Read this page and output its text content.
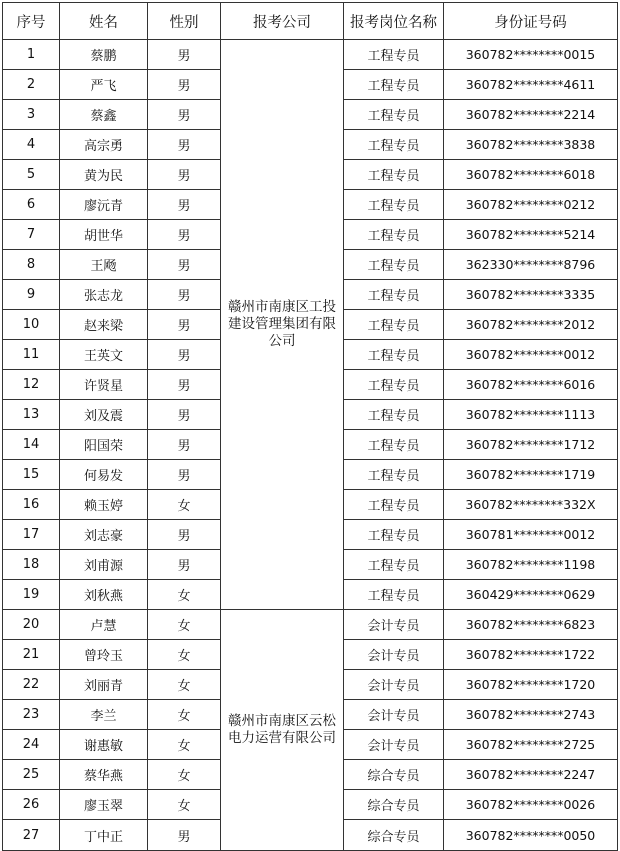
序号	姓名	性别	报考公司	报考岗位名称	身份证号码
1	蔡鹏	男	赣州市南康区工投建设管理集团有限公司	工程专员	360782********0015
2	严飞	男		工程专员	360782********4611
3	蔡鑫	男		工程专员	360782********2214
4	高宗勇	男		工程专员	360782********3838
5	黄为民	男		工程专员	360782********6018
6	廖沅青	男		工程专员	360782********0212
7	胡世华	男		工程专员	360782********5214
8	王飏	男		工程专员	362330********8796
9	张志龙	男		工程专员	360782********3335
10	赵来梁	男		工程专员	360782********2012
11	王英文	男		工程专员	360782********0012
12	许贤星	男		工程专员	360782********6016
13	刘及震	男		工程专员	360782********1113
14	阳国荣	男		工程专员	360782********1712
15	何易发	男		工程专员	360782********1719
16	赖玉婷	女		工程专员	360782********332X
17	刘志豪	男		工程专员	360781********0012
18	刘甫源	男		工程专员	360782********1198
19	刘秋燕	女		工程专员	360429********0629
20	卢慧	女	赣州市南康区云松电力运营有限公司	会计专员	360782********6823
21	曾玲玉	女		会计专员	360782********1722
22	刘丽青	女		会计专员	360782********1720
23	李兰	女		会计专员	360782********2743
24	谢惠敏	女		会计专员	360782********2725
25	蔡华燕	女		综合专员	360782********2247
26	廖玉翠	女		综合专员	360782********0026
27	丁中正	男		综合专员	360782********0050
